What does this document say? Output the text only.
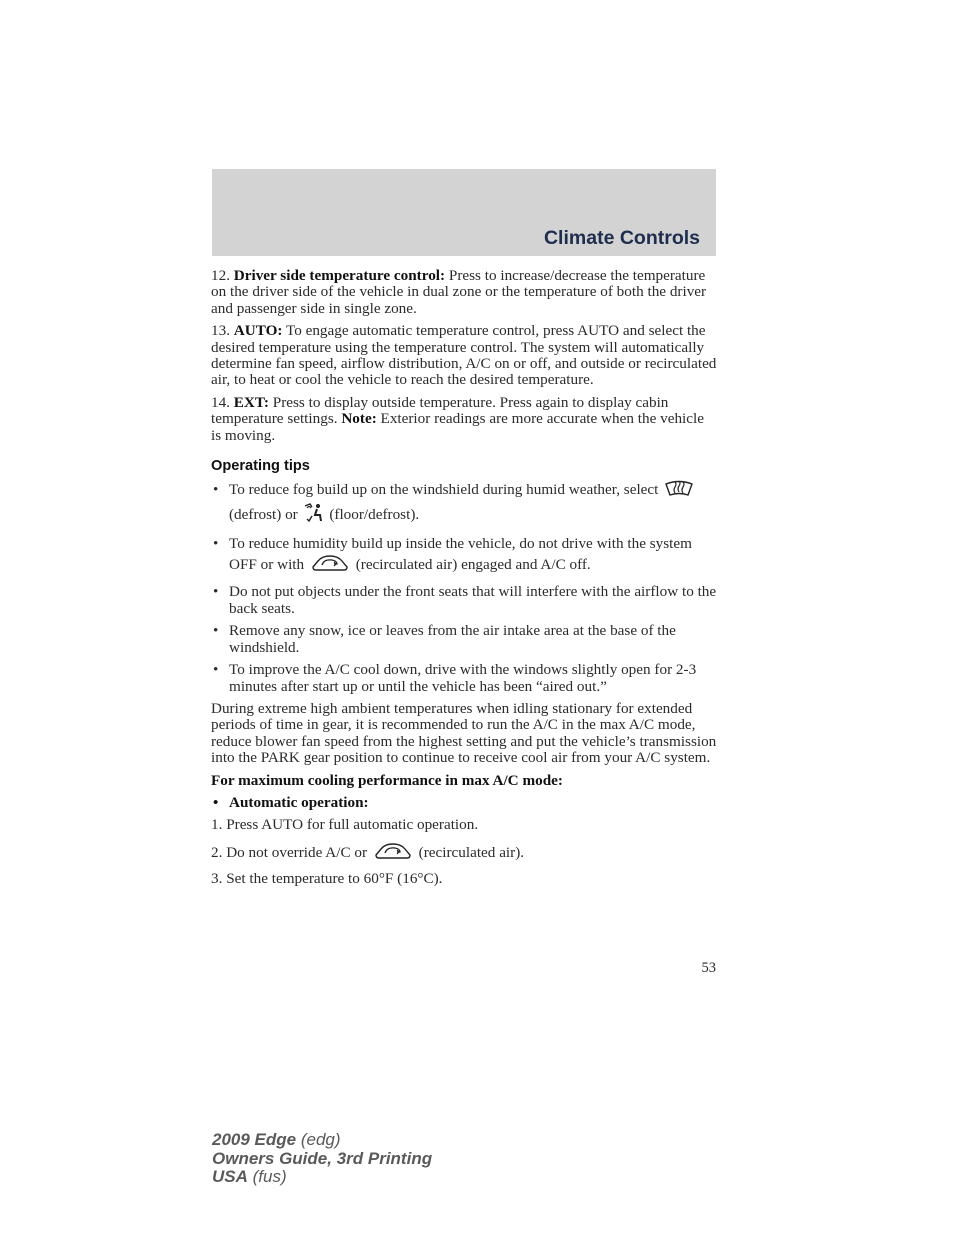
Climate Controls

12. Driver side temperature control: Press to increase/decrease the temperature on the driver side of the vehicle in dual zone or the temperature of both the driver and passenger side in single zone.

13. AUTO: To engage automatic temperature control, press AUTO and select the desired temperature using the temperature control. The system will automatically determine fan speed, airflow distribution, A/C on or off, and outside or recirculated air, to heat or cool the vehicle to reach the desired temperature.

14. EXT: Press to display outside temperature. Press again to display cabin temperature settings. Note: Exterior readings are more accurate when the vehicle is moving.

Operating tips
• To reduce fog build up on the windshield during humid weather, select  (defrost) or (floor/defrost).
• To reduce humidity build up inside the vehicle, do not drive with the system OFF or with	(recirculated air) engaged and A/C off.
• Do not put objects under the front seats that will interfere with the airflow to the back seats.
• Remove any snow, ice or leaves from the air intake area at the base of the windshield.
• To improve the A/C cool down, drive with the windows slightly open for 2-3 minutes after start up or until the vehicle has been “aired out.”

During extreme high ambient temperatures when idling stationary for extended periods of time in gear, it is recommended to run the A/C in the max A/C mode, reduce blower fan speed from the highest setting and put the vehicle’s transmission into the PARK gear position to continue to receive cool air from your A/C system.

For maximum cooling performance in max A/C mode:

• Automatic operation:

1. Press AUTO for full automatic operation.

2. Do not override A/C or	(recirculated air).

3. Set the temperature to 60°F (16°C).

53
2009 Edge (edg)
Owners Guide, 3rd Printing
USA (fus)
